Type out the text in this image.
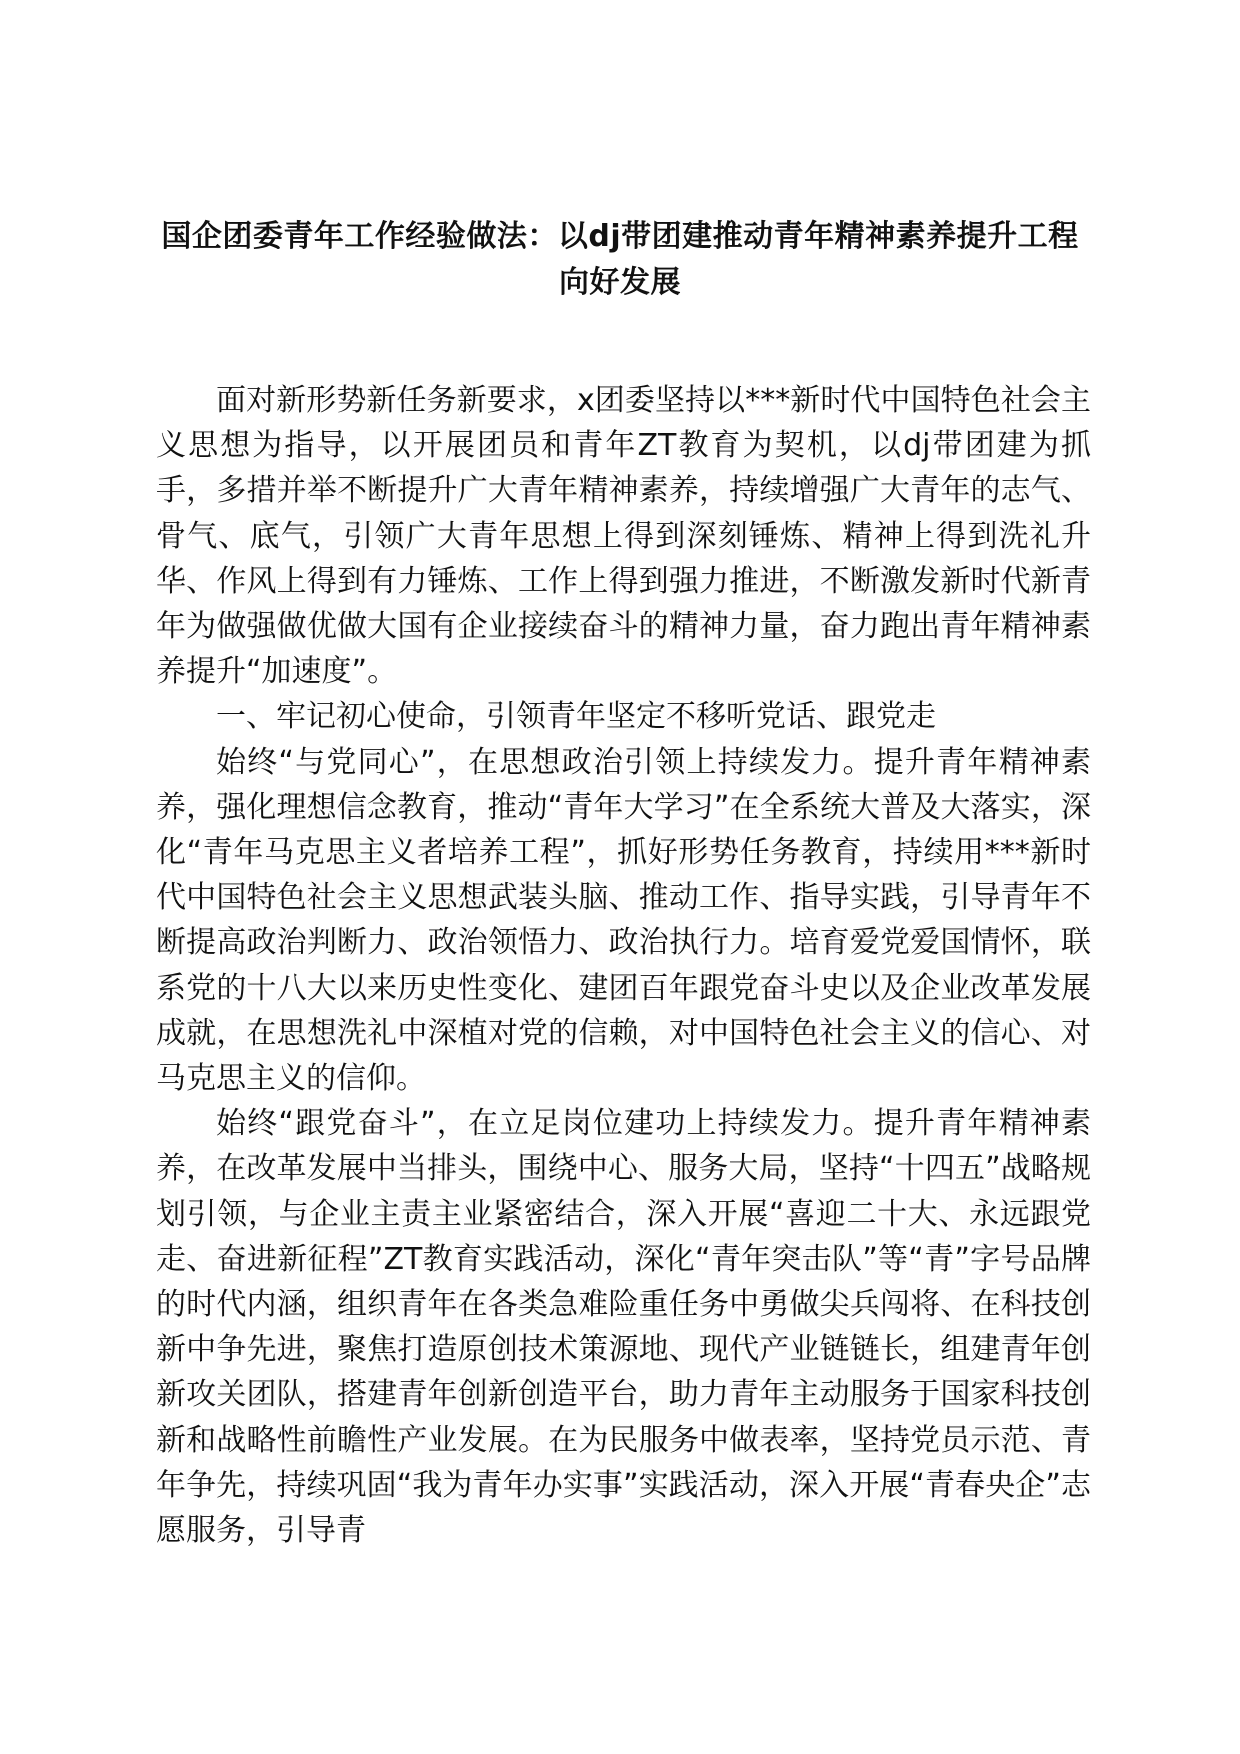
国企团委青年工作经验做法：以dj带团建推动青年精神素养提升工程向好发展

面对新形势新任务新要求，x团委坚持以***新时代中国特色社会主义思想为指导，以开展团员和青年ZT教育为契机，以dj带团建为抓手，多措并举不断提升广大青年精神素养，持续增强广大青年的志气、骨气、底气，引领广大青年思想上得到深刻锤炼、精神上得到洗礼升华、作风上得到有力锤炼、工作上得到强力推进，不断激发新时代新青年为做强做优做大国有企业接续奋斗的精神力量，奋力跑出青年精神素养提升“加速度”。

一、牢记初心使命，引领青年坚定不移听党话、跟党走

始终“与党同心”，在思想政治引领上持续发力。提升青年精神素养，强化理想信念教育，推动“青年大学习”在全系统大普及大落实，深化“青年马克思主义者培养工程”，抓好形势任务教育，持续用***新时代中国特色社会主义思想武装头脑、推动工作、指导实践，引导青年不断提高政治判断力、政治领悟力、政治执行力。培育爱党爱国情怀，联系党的十八大以来历史性变化、建团百年跟党奋斗史以及企业改革发展成就，在思想洗礼中深植对党的信赖，对中国特色社会主义的信心、对马克思主义的信仰。

始终“跟党奋斗”，在立足岗位建功上持续发力。提升青年精神素养，在改革发展中当排头，围绕中心、服务大局，坚持“十四五”战略规划引领，与企业主责主业紧密结合，深入开展“喜迎二十大、永远跟党走、奋进新征程”ZT教育实践活动，深化“青年突击队”等“青”字号品牌的时代内涵，组织青年在各类急难险重任务中勇做尖兵闯将、在科技创新中争先进，聚焦打造原创技术策源地、现代产业链链长，组建青年创新攻关团队，搭建青年创新创造平台，助力青年主动服务于国家科技创新和战略性前瞻性产业发展。在为民服务中做表率，坚持党员示范、青年争先，持续巩固“我为青年办实事”实践活动，深入开展“青春央企”志愿服务，引导青
